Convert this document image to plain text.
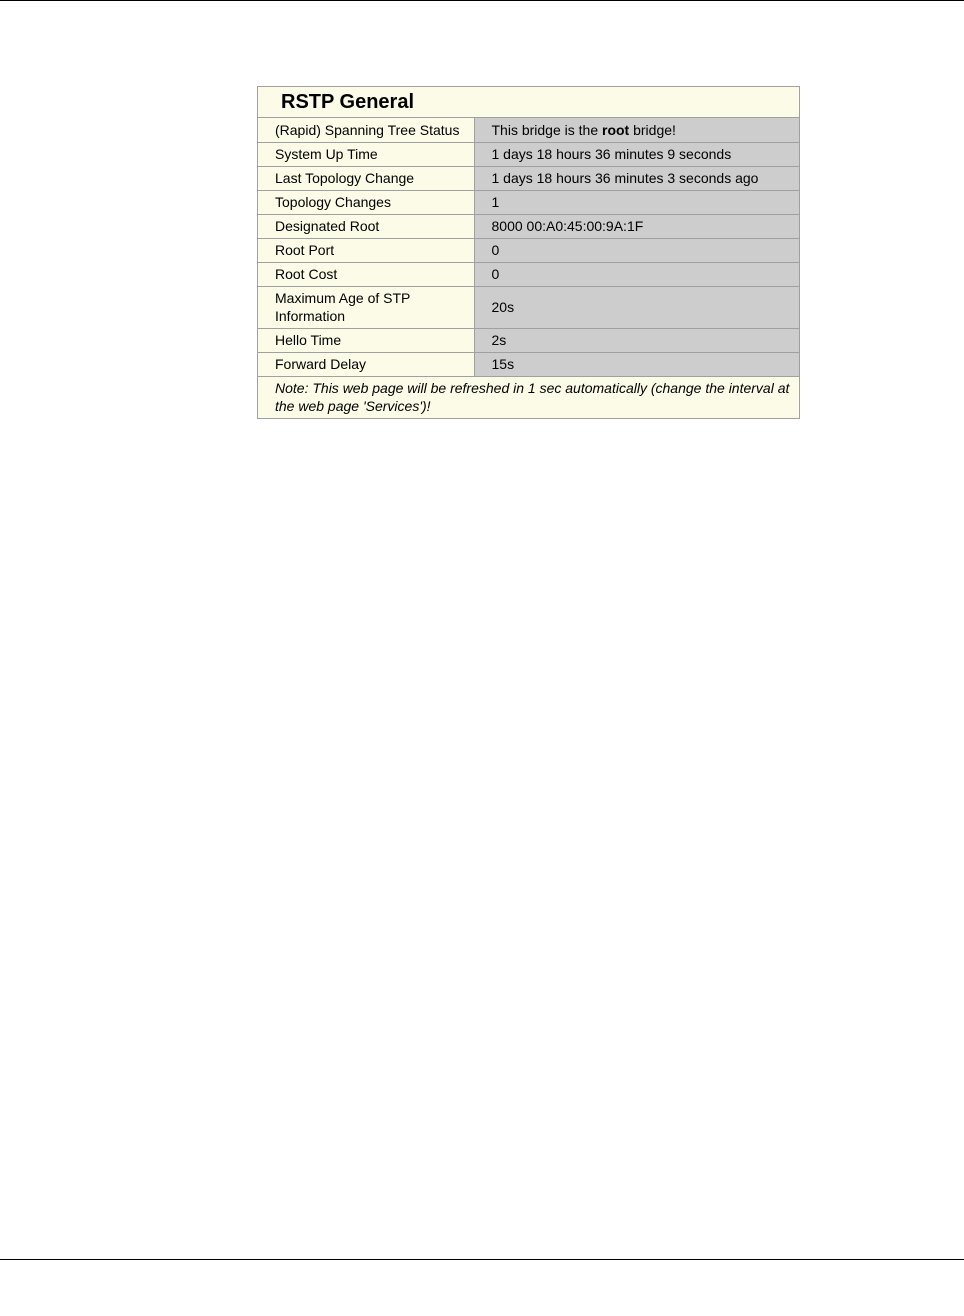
RSTP General
(Rapid) Spanning Tree Status	This bridge is the root bridge!
System Up Time	1 days 18 hours 36 minutes 9 seconds
Last Topology Change	1 days 18 hours 36 minutes 3 seconds ago
Topology Changes	1
Designated Root	8000 00:A0:45:00:9A:1F
Root Port	0
Root Cost	0
Maximum Age of STP Information	20s
Hello Time	2s
Forward Delay	15s
Note: This web page will be refreshed in 1 sec automatically (change the interval at the web page 'Services')!	
